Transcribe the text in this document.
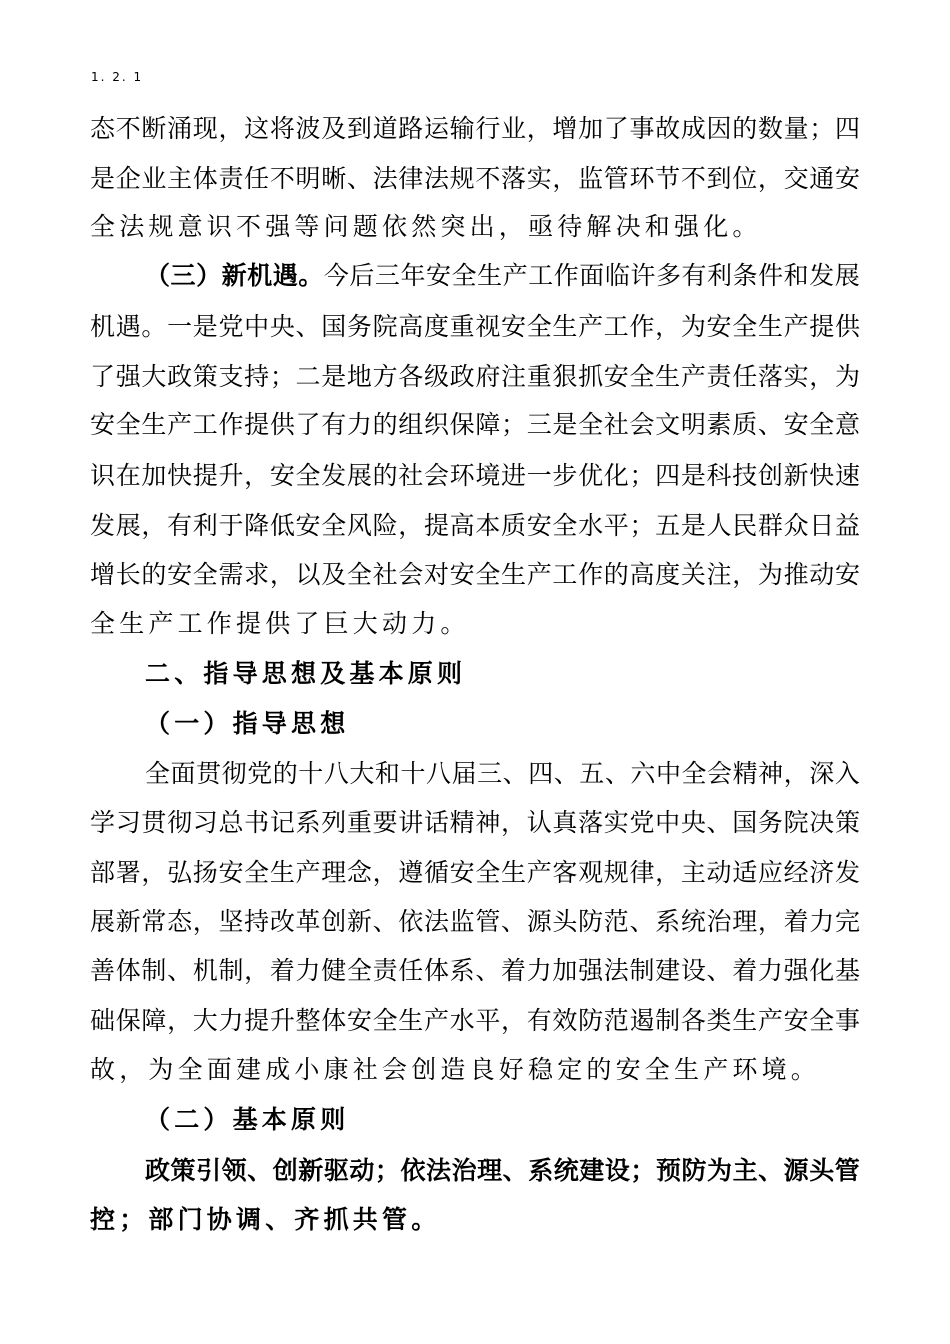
1. 2. 1
态 不 断 涌 现 ， 这 将 波 及 到 道 路 运 输 行 业 ， 增 加 了 事 故 成 因 的 数 量 ； 四
是 企 业 主 体 责 任 不 明 晰 、 法 律 法 规 不 落 实 ， 监 管 环 节 不 到 位 ， 交 通 安
全法规意识不强等问题依然突出，亟待解决和强化。
（ 三 ） 新 机 遇 。 今 后 三 年 安 全 生 产 工 作 面 临 许 多 有 利 条 件 和 发 展
机 遇 。 一 是 党 中 央 、 国 务 院 高 度 重 视 安 全 生 产 工 作 ， 为 安 全 生 产 提 供
了 强 大 政 策 支 持 ； 二 是 地 方 各 级 政 府 注 重 狠 抓 安 全 生 产 责 任 落 实 ， 为
安 全 生 产 工 作 提 供 了 有 力 的 组 织 保 障 ； 三 是 全 社 会 文 明 素 质 、 安 全 意
识 在 加 快 提 升 ， 安 全 发 展 的 社 会 环 境 进 一 步 优 化 ； 四 是 科 技 创 新 快 速
发 展 ， 有 利 于 降 低 安 全 风 险 ， 提 高 本 质 安 全 水 平 ； 五 是 人 民 群 众 日 益
增 长 的 安 全 需 求 ， 以 及 全 社 会 对 安 全 生 产 工 作 的 高 度 关 注 ， 为 推 动 安
全生产工作提供了巨大动力。
二、指导思想及基本原则
（一）指导思想
全 面 贯 彻 党 的 十 八 大 和 十 八 届 三 、 四 、 五 、 六 中 全 会 精 神 ， 深 入
学 习 贯 彻 习 总 书 记 系 列 重 要 讲 话 精 神 ， 认 真 落 实 党 中 央 、 国 务 院 决 策
部 署 ， 弘 扬 安 全 生 产 理 念 ， 遵 循 安 全 生 产 客 观 规 律 ， 主 动 适 应 经 济 发
展 新 常 态 ， 坚 持 改 革 创 新 、 依 法 监 管 、 源 头 防 范 、 系 统 治 理 ， 着 力 完
善 体 制 、 机 制 ， 着 力 健 全 责 任 体 系 、 着 力 加 强 法 制 建 设 、 着 力 强 化 基
础 保 障 ， 大 力 提 升 整 体 安 全 生 产 水 平 ， 有 效 防 范 遏 制 各 类 生 产 安 全 事
故，为全面建成小康社会创造良好稳定的安全生产环境。
（二）基本原则
政 策 引 领 、 创 新 驱 动 ； 依 法 治 理 、 系 统 建 设 ； 预 防 为 主 、 源 头 管
控；部门协调、齐抓共管。
